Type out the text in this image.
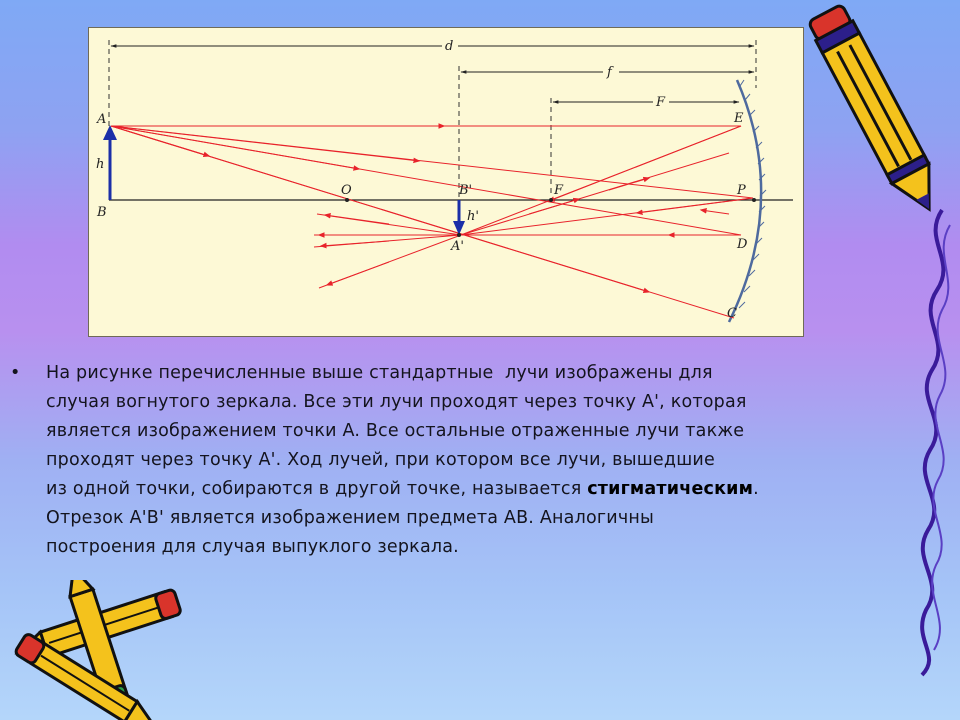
d
f
F
A
h
B
O	B'	F	P
h'
A'
E
D
C
• На рисунке перечисленные выше стандартные  лучи изображены для
случая вогнутого зеркала. Все эти лучи проходят через точку A', которая
является изображением точки A. Все остальные отраженные лучи также
проходят через точку A'. Ход лучей, при котором все лучи, вышедшие
из одной точки, собираются в другой точке, называется стигматическим.
Отрезок A'B' является изображением предмета AB. Аналогичны
построения для случая выпуклого зеркала.
